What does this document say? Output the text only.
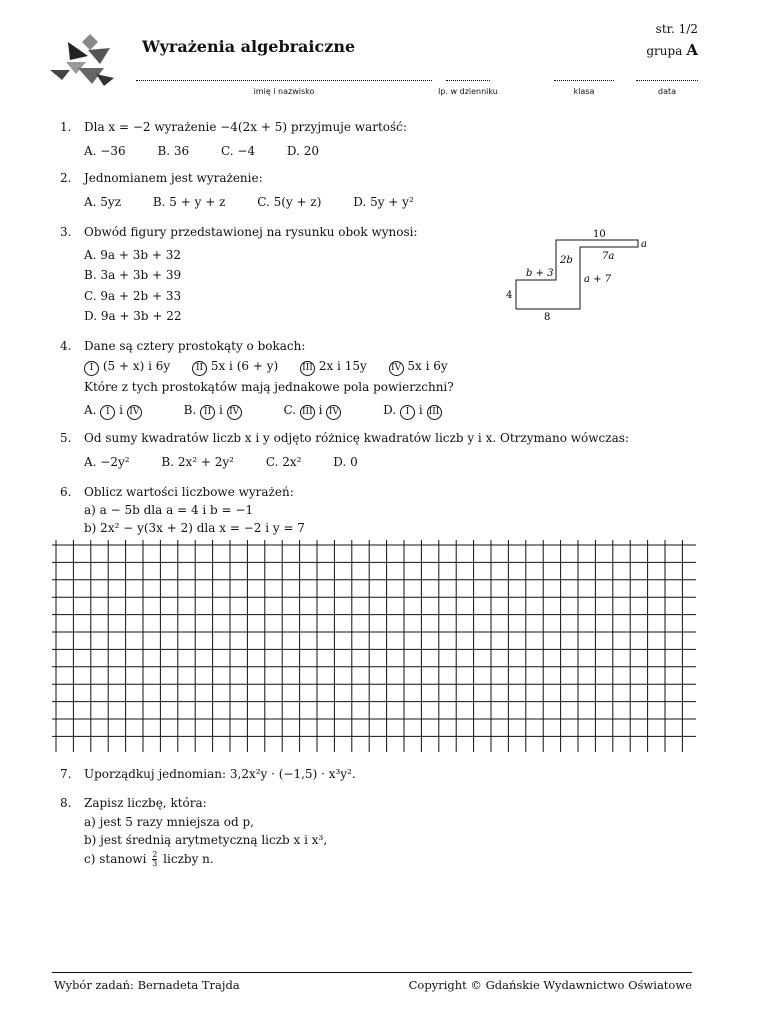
Wyrażenia algebraiczne
str. 1/2
grupa A
imię i nazwisko	lp. w dzienniku	klasa	data
1. Dla x = −2 wyrażenie −4(2x + 5) przyjmuje wartość:
A. −36	B. 36	C. −4	D. 20
2. Jednomianem jest wyrażenie:
A. 5yz	B. 5 + y + z	C. 5(y + z)	D. 5y + y²
3. Obwód figury przedstawionej na rysunku obok wynosi:
A. 9a + 3b + 32
B. 3a + 3b + 39
C. 9a + 2b + 33
D. 9a + 3b + 22
10
a
7a
2b
b + 3
a + 7
4
8
4. Dane są cztery prostokąty o bokach:
I (5 + x) i 6y	II 5x i (6 + y)	III 2x i 15y	IV 5x i 6y
Które z tych prostokątów mają jednakowe pola powierzchni?
A. I i IV	B. II i IV	C. III i IV	D. I i III
5. Od sumy kwadratów liczb x i y odjęto różnicę kwadratów liczb y i x. Otrzymano wówczas:
A. −2y²	B. 2x² + 2y²	C. 2x²	D. 0
6. Oblicz wartości liczbowe wyrażeń:
a) a − 5b dla a = 4 i b = −1
b) 2x² − y(3x + 2) dla x = −2 i y = 7
7. Uporządkuj jednomian: 3,2x²y · (−1,5) · x³y².
8. Zapisz liczbę, która:
a) jest 5 razy mniejsza od p,
b) jest średnią arytmetyczną liczb x i x³,
c) stanowi $\frac{2}{3}$ liczby n.
Wybór zadań: Bernadeta Trajda	Copyright © Gdańskie Wydawnictwo Oświatowe
